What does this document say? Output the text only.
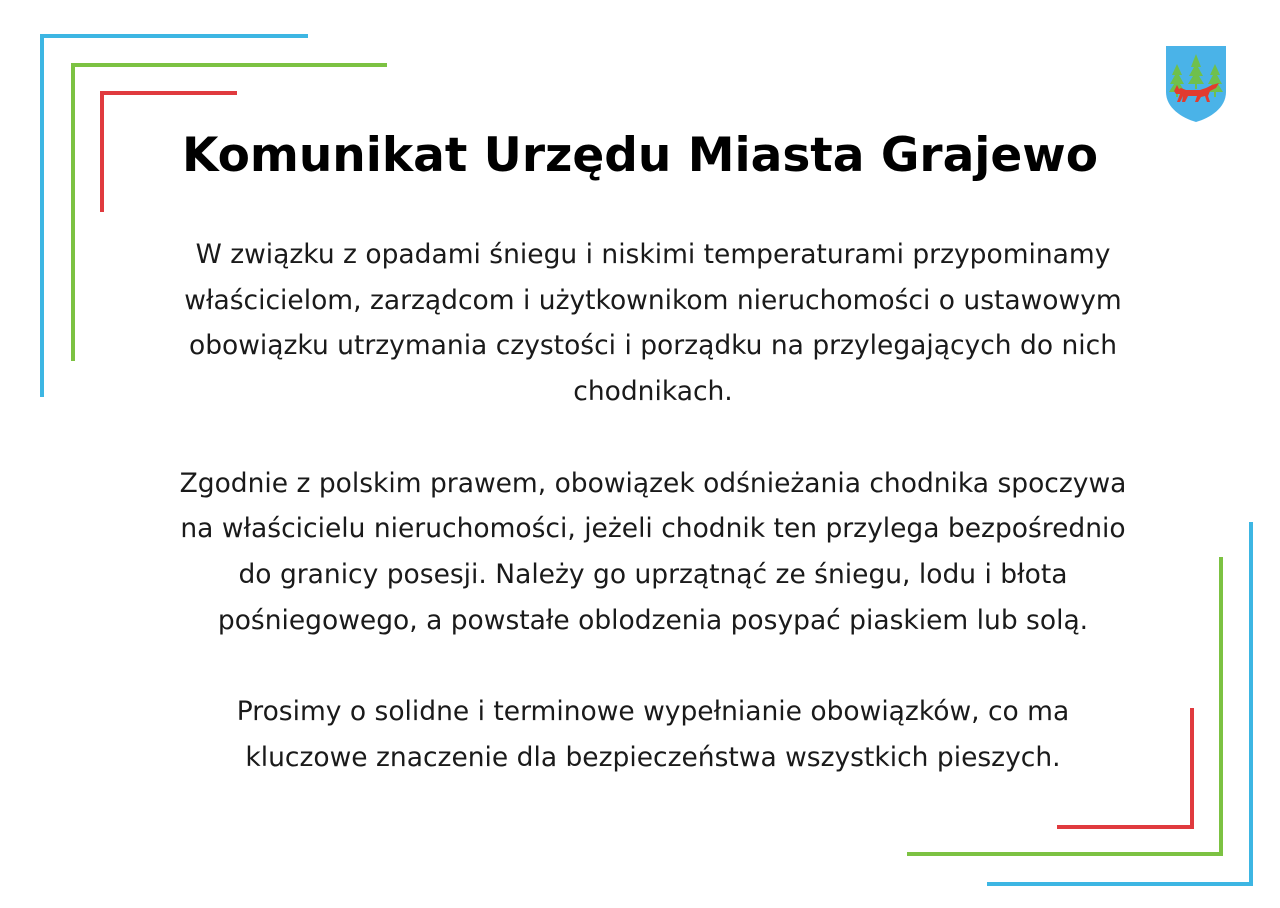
Komunikat Urzędu Miasta Grajewo

W związku z opadami śniegu i niskimi temperaturami przypominamy
właścicielom, zarządcom i użytkownikom nieruchomości o ustawowym
obowiązku utrzymania czystości i porządku na przylegających do nich
chodnikach.

Zgodnie z polskim prawem, obowiązek odśnieżania chodnika spoczywa
na właścicielu nieruchomości, jeżeli chodnik ten przylega bezpośrednio
do granicy posesji. Należy go uprzątnąć ze śniegu, lodu i błota
pośniegowego, a powstałe oblodzenia posypać piaskiem lub solą.

Prosimy o solidne i terminowe wypełnianie obowiązków, co ma
kluczowe znaczenie dla bezpieczeństwa wszystkich pieszych.
